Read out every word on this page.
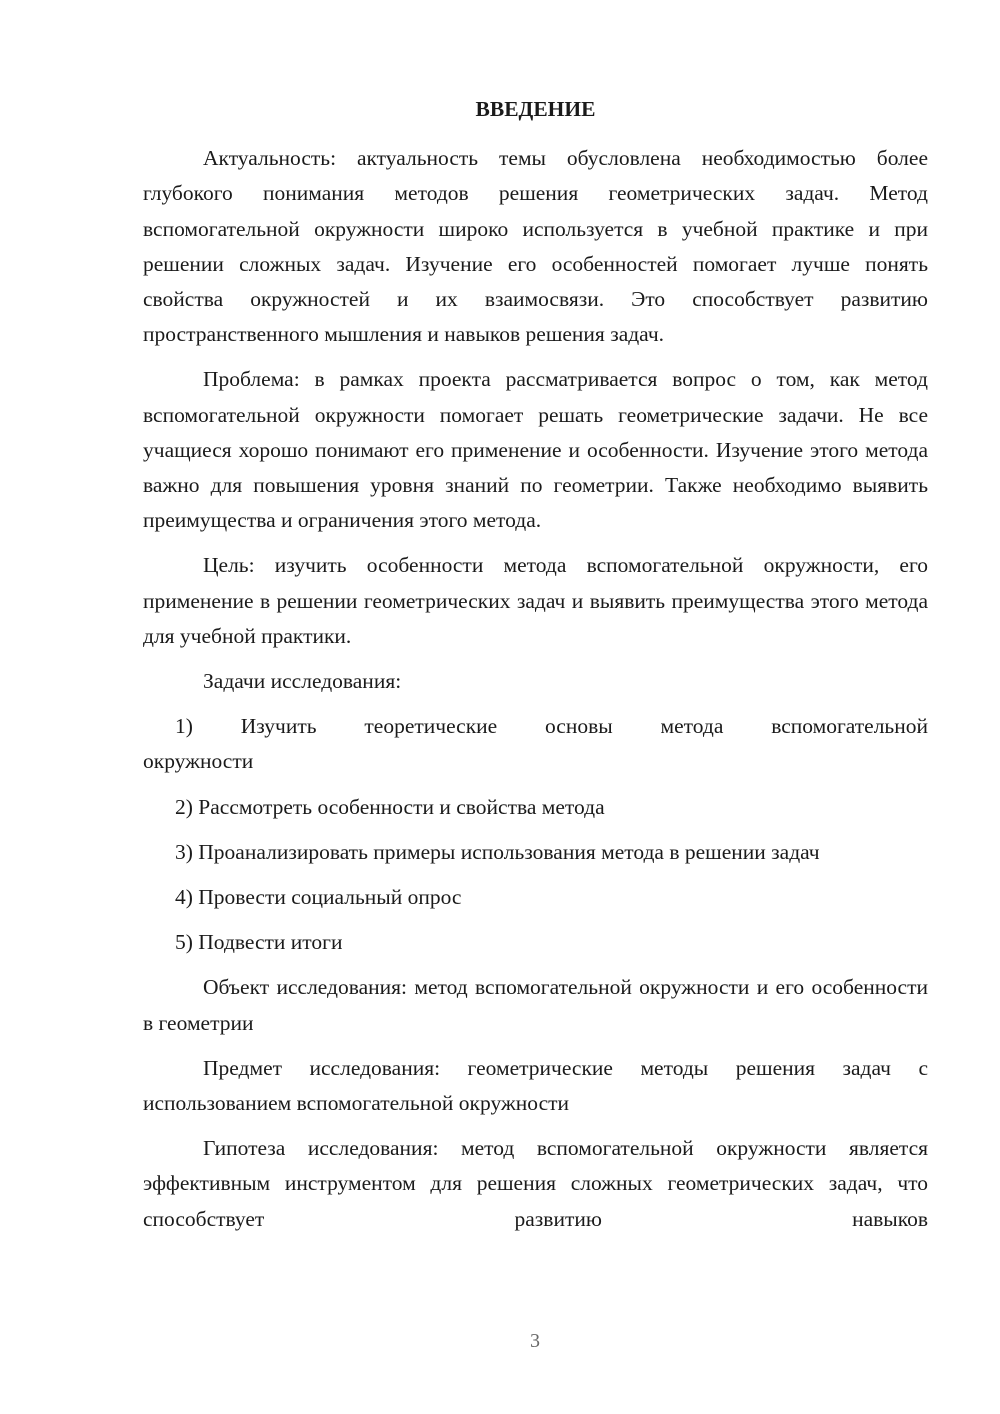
ВВЕДЕНИЕ

Актуальность: актуальность темы обусловлена необходимостью более глубокого понимания методов решения геометрических задач. Метод вспомогательной окружности широко используется в учебной практике и при решении сложных задач. Изучение его особенностей помогает лучше понять свойства окружностей и их взаимосвязи. Это способствует развитию пространственного мышления и навыков решения задач.

Проблема: в рамках проекта рассматривается вопрос о том, как метод вспомогательной окружности помогает решать геометрические задачи. Не все учащиеся хорошо понимают его применение и особенности. Изучение этого метода важно для повышения уровня знаний по геометрии. Также необходимо выявить преимущества и ограничения этого метода.

Цель: изучить особенности метода вспомогательной окружности, его применение в решении геометрических задач и выявить преимущества этого метода для учебной практики.

Задачи исследования:

1) Изучить теоретические основы метода вспомогательной окружности

2) Рассмотреть особенности и свойства метода

3) Проанализировать примеры использования метода в решении задач

4) Провести социальный опрос

5) Подвести итоги

Объект исследования: метод вспомогательной окружности и его особенности в геометрии

Предмет исследования: геометрические методы решения задач с использованием вспомогательной окружности

Гипотеза исследования: метод вспомогательной окружности является эффективным инструментом для решения сложных геометрических задач, что способствует развитию навыков

3
